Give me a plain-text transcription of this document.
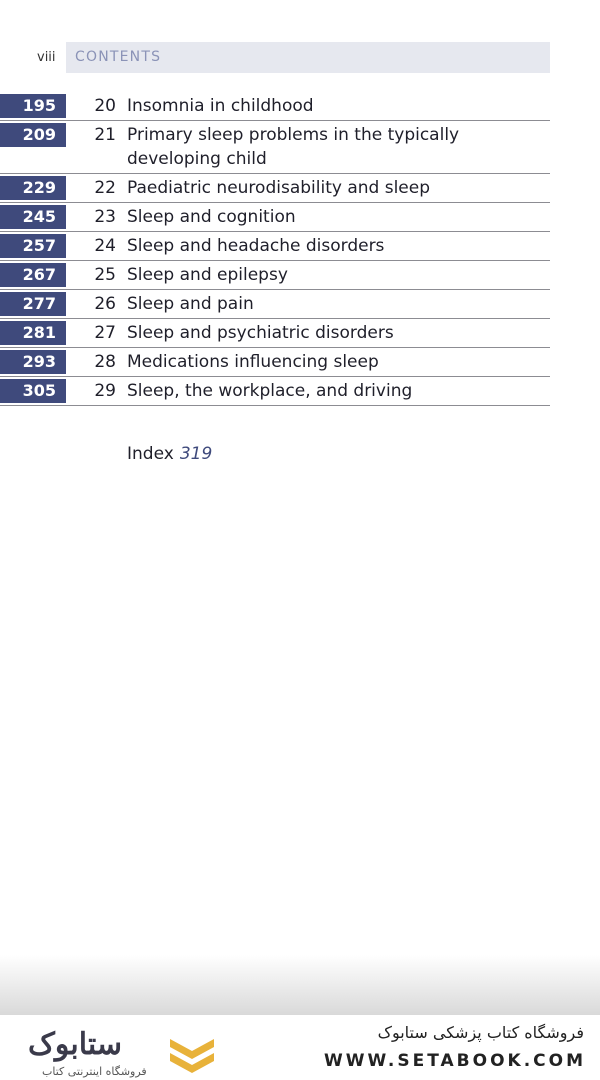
viii CONTENTS
195	20 Insomnia in childhood
209	21 Primary sleep problems in the typically developing child
229	22 Paediatric neurodisability and sleep
245	23 Sleep and cognition
257	24 Sleep and headache disorders
267	25 Sleep and epilepsy
277	26 Sleep and pain
281	27 Sleep and psychiatric disorders
293	28 Medications influencing sleep
305	29 Sleep, the workplace, and driving
Index 319
ستابوک
فروشگاه اینترنتی کتاب
فروشگاه کتاب پزشکی ستابوک
WWW.SETABOOK.COM
